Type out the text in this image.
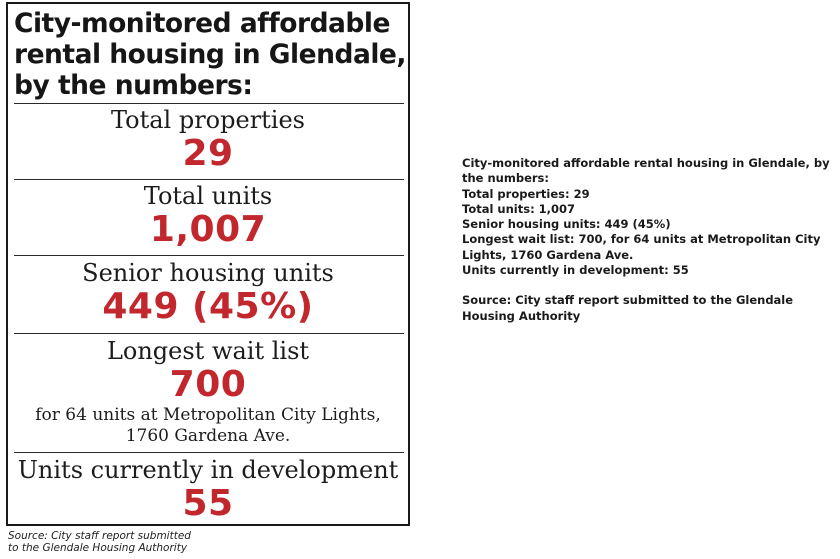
City-monitored affordable rental housing in Glendale, by the numbers:
Total properties
29
Total units
1,007
Senior housing units
449 (45%)
Longest wait list
700
for 64 units at Metropolitan City Lights,
1760 Gardena Ave.
Units currently in development
55
Source: City staff report submitted
to the Glendale Housing Authority

City-monitored affordable rental housing in Glendale, by the numbers:

Total properties: 29

Total units: 1,007

Senior housing units: 449 (45%)

Longest wait list: 700, for 64 units at Metropolitan City Lights, 1760 Gardena Ave.

Units currently in development: 55

Source: City staff report submitted to the Glendale Housing Authority
